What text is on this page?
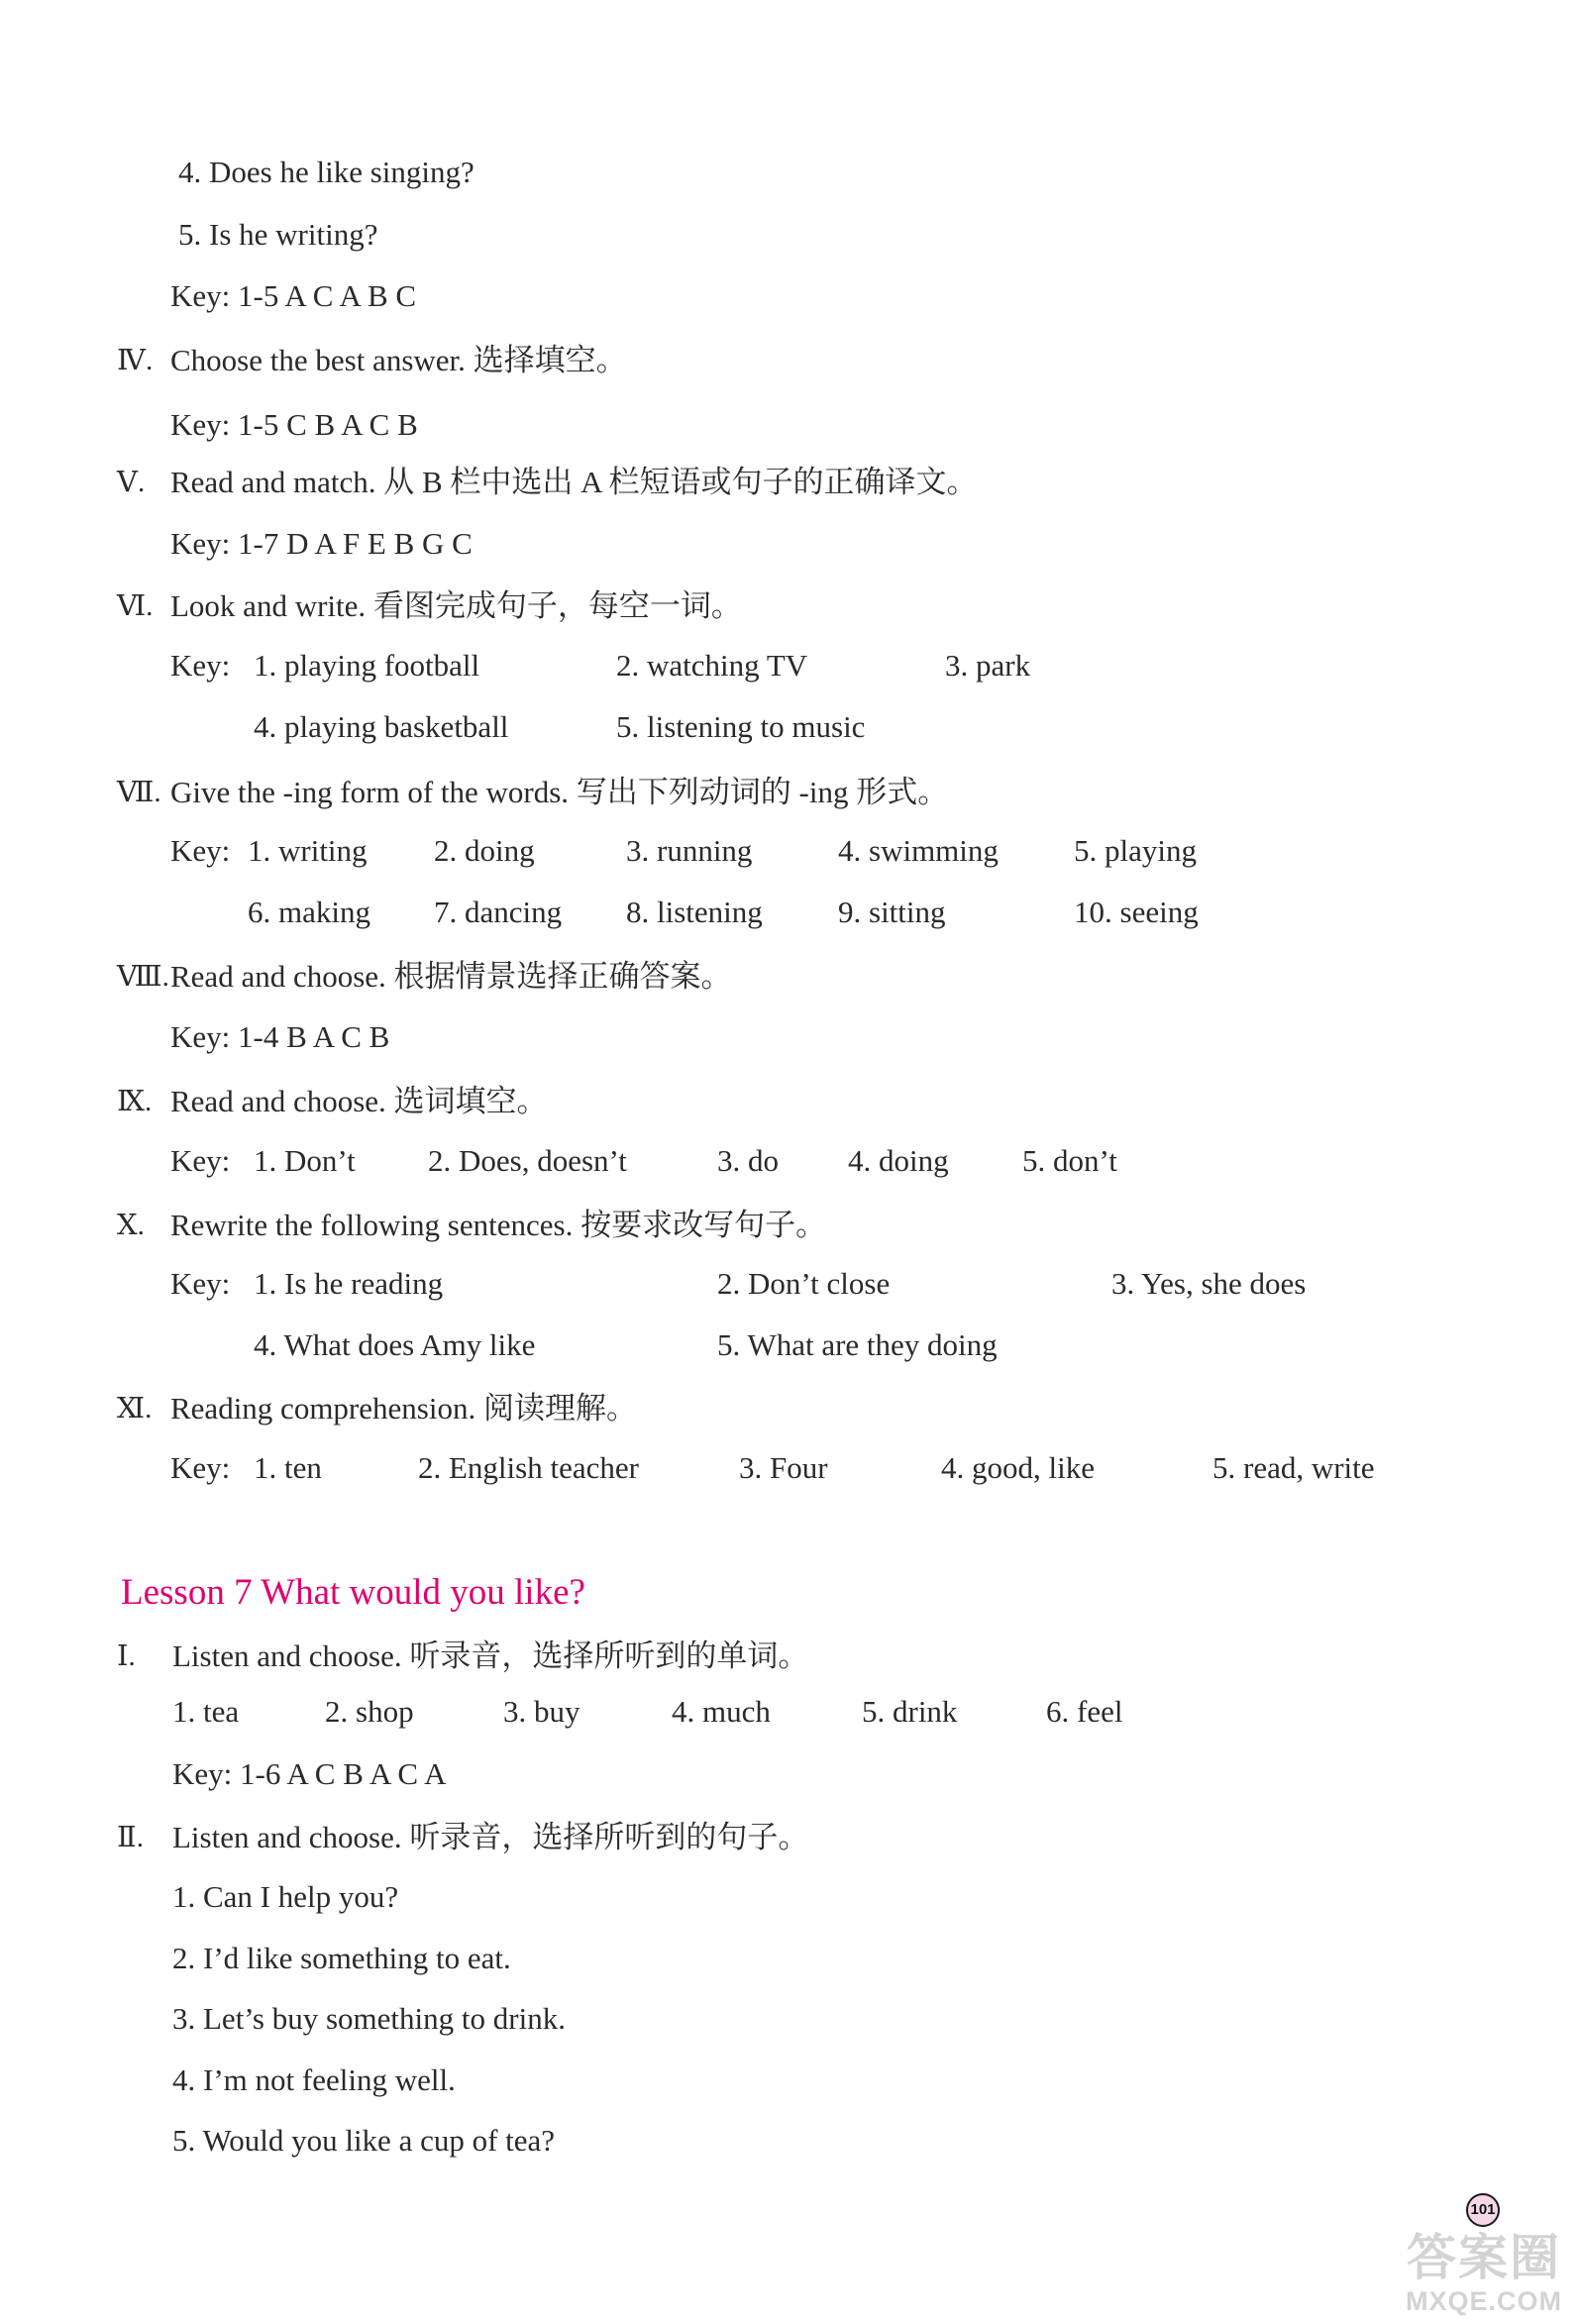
4. Does he like singing?
5. Is he writing?
Key: 1-5 A C A B C
Ⅳ. Choose the best answer. 选择填空。
Key: 1-5 C B A C B
Ⅴ. Read and match. 从 B 栏中选出 A 栏短语或句子的正确译文。
Key: 1-7 D A F E B G C
Ⅵ. Look and write. 看图完成句子，每空一词。
Key: 1. playing football	2. watching TV	3. park
4. playing basketball	5. listening to music
Ⅶ. Give the -ing form of the words. 写出下列动词的 -ing 形式。
Key: 1. writing 2. doing	3. running	4. swimming 5. playing
6. making 7. dancing 8. listening 9. sitting	10. seeing
Ⅷ. Read and choose. 根据情景选择正确答案。
Key: 1-4 B A C B
Ⅸ. Read and choose. 选词填空。
Key: 1. Don’t 2. Does, doesn’t	3. do 4. doing 5. don’t
Ⅹ. Rewrite the following sentences. 按要求改写句子。
Key: 1. Is he reading	2. Don’t close	3. Yes, she does
4. What does Amy like	5. What are they doing
Ⅺ. Reading comprehension. 阅读理解。
Key: 1. ten	2. English teacher	3. Four	4. good, like	5. read, write
Lesson 7 What would you like?
Ⅰ. Listen and choose. 听录音，选择所听到的单词。
1. tea	2. shop	3. buy	4. much	5. drink	6. feel
Key: 1-6 A C B A C A
Ⅱ. Listen and choose. 听录音，选择所听到的句子。
1. Can I help you?
2. I’d like something to eat.
3. Let’s buy something to drink.
4. I’m not feeling well.
5. Would you like a cup of tea?
101
答案圈
MXQE.COM
